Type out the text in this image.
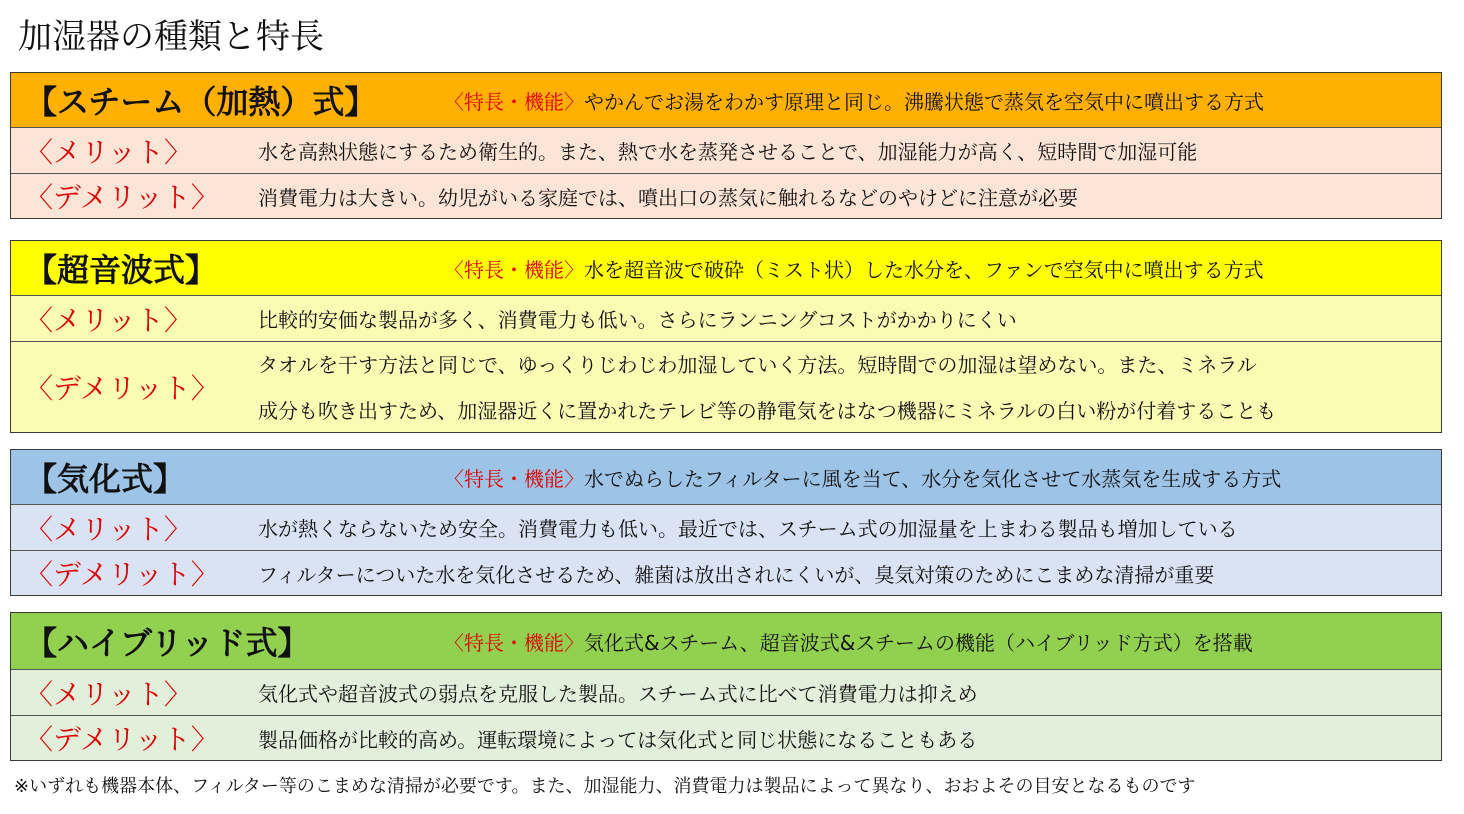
加湿器の種類と特長
【スチーム（加熱）式】	〈特長・機能〉 やかんでお湯をわかす原理と同じ。沸騰状態で蒸気を空気中に噴出する方式
〈メリット〉	水を高熱状態にするため衛生的。また、熱で水を蒸発させることで、加湿能力が高く、短時間で加湿可能
〈デメリット〉 消費電力は大きい。幼児がいる家庭では、噴出口の蒸気に触れるなどのやけどに注意が必要
【超音波式】	〈特長・機能〉 水を超音波で破砕（ミスト状）した水分を、ファンで空気中に噴出する方式
〈メリット〉	比較的安価な製品が多く、消費電力も低い。さらにランニングコストがかかりにくい
〈デメリット〉
タオルを干す方法と同じで、ゆっくりじわじわ加湿していく方法。短時間での加湿は望めない。また、ミネラル
成分も吹き出すため、加湿器近くに置かれたテレビ等の静電気をはなつ機器にミネラルの白い粉が付着することも
【気化式】	〈特長・機能〉 水でぬらしたフィルターに風を当て、水分を気化させて水蒸気を生成する方式
〈メリット〉	水が熱くならないため安全。消費電力も低い。最近では、スチーム式の加湿量を上まわる製品も増加している
〈デメリット〉 フィルターについた水を気化させるため、雑菌は放出されにくいが、臭気対策のためにこまめな清掃が重要
【ハイブリッド式】	〈特長・機能〉 気化式&スチーム、超音波式&スチームの機能（ハイブリッド方式）を搭載
〈メリット〉	気化式や超音波式の弱点を克服した製品。スチーム式に比べて消費電力は抑えめ
〈デメリット〉 製品価格が比較的高め。運転環境によっては気化式と同じ状態になることもある
※いずれも機器本体、フィルター等のこまめな清掃が必要です。また、加湿能力、消費電力は製品によって異なり、おおよその目安となるものです
